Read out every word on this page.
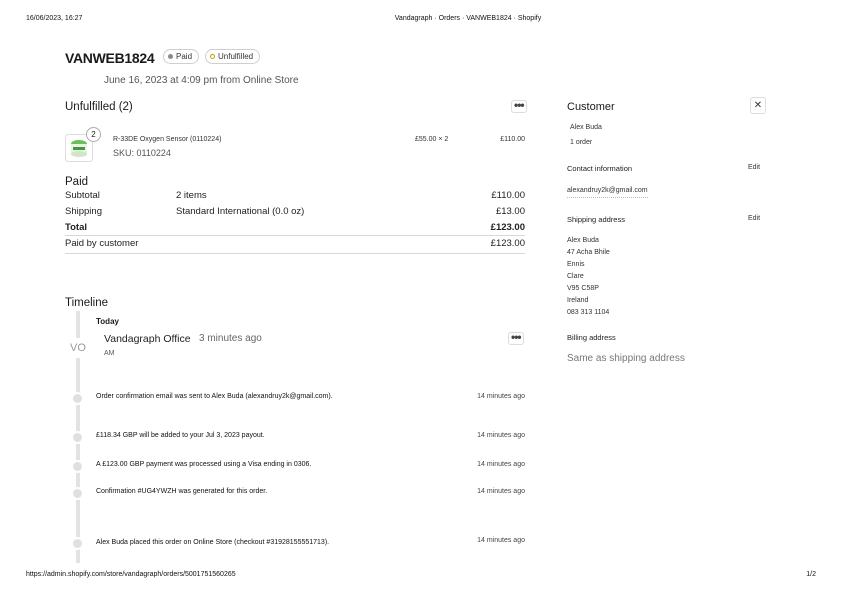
16/06/2023, 16:27	Vandagraph · Orders · VANWEB1824 · Shopify
VANWEB1824	Paid	Unfulfilled
June 16, 2023 at 4:09 pm from Online Store
Unfulfilled (2)	•••
2
R-33DE Oxygen Sensor (0110224)
SKU: 0110224
£55.00 × 2	£110.00
Paid
Subtotal	2 items	£110.00
Shipping	Standard International (0.0 oz)	£13.00
Total	£123.00
Paid by customer	£123.00
Timeline
Today
VO
Vandagraph Office 3 minutes ago
AM
•••
Order confirmation email was sent to Alex Buda (alexandruy2k@gmail.com).	14 minutes ago
£118.34 GBP will be added to your Jul 3, 2023 payout.	14 minutes ago
A £123.00 GBP payment was processed using a Visa ending in 0306.	14 minutes ago
Confirmation #UG4YWZH was generated for this order.	14 minutes ago
Alex Buda placed this order on Online Store (checkout #31928155551713).	14 minutes ago
Customer	✕
Alex Buda
1 order
Contact information	Edit
alexandruy2k@gmail.com
Shipping address	Edit
Alex Buda
47 Acha Bhile
Ennis
Clare
V95 C58P
Ireland
083 313 1104
Billing address
Same as shipping address
https://admin.shopify.com/store/vandagraph/orders/5001751560265	1/2
